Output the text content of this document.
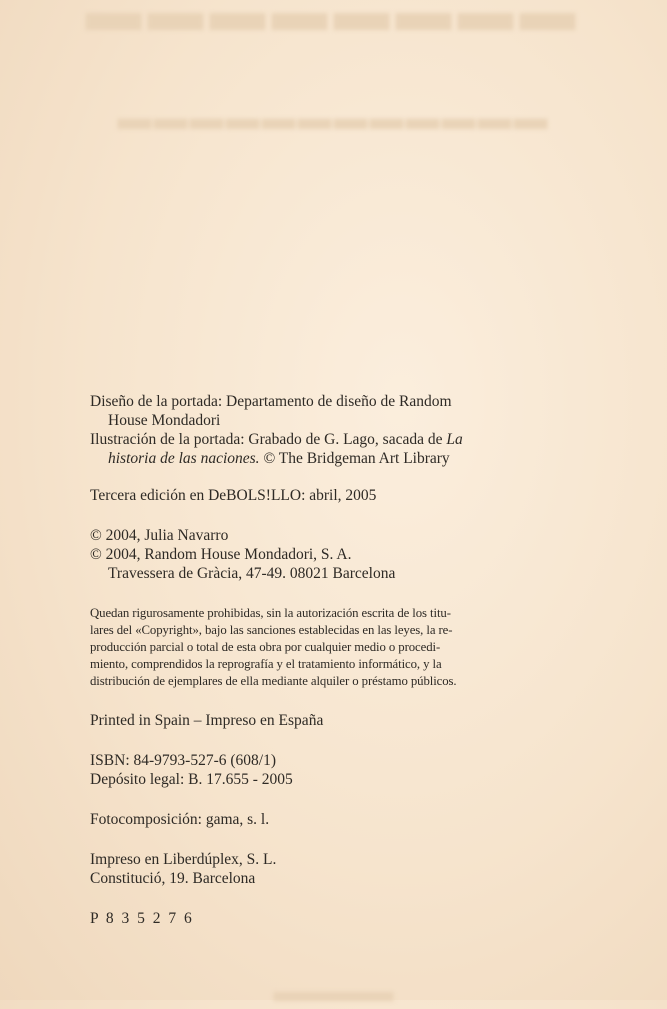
▬▬▬▬▬▬▬▬
▬▬▬▬▬▬▬▬▬▬▬▬
▬▬▬▬

Diseño de la portada: Departamento de diseño de Random

House Mondadori

Ilustración de la portada: Grabado de G. Lago, sacada de La

historia de las naciones. © The Bridgeman Art Library

Tercera edición en DeBOLS!LLO: abril, 2005

© 2004, Julia Navarro

© 2004, Random House Mondadori, S. A.

Travessera de Gràcia, 47-49. 08021 Barcelona

Quedan rigurosamente prohibidas, sin la autorización escrita de los titu-

lares del «Copyright», bajo las sanciones establecidas en las leyes, la re-

producción parcial o total de esta obra por cualquier medio o procedi-

miento, comprendidos la reprografía y el tratamiento informático, y la

distribución de ejemplares de ella mediante alquiler o préstamo públicos.

Printed in Spain – Impreso en España

ISBN: 84-9793-527-6 (608/1)

Depósito legal: B. 17.655 - 2005

Fotocomposición: gama, s. l.

Impreso en Liberdúplex, S. L.

Constitució, 19. Barcelona

P 8 3 5 2 7 6
